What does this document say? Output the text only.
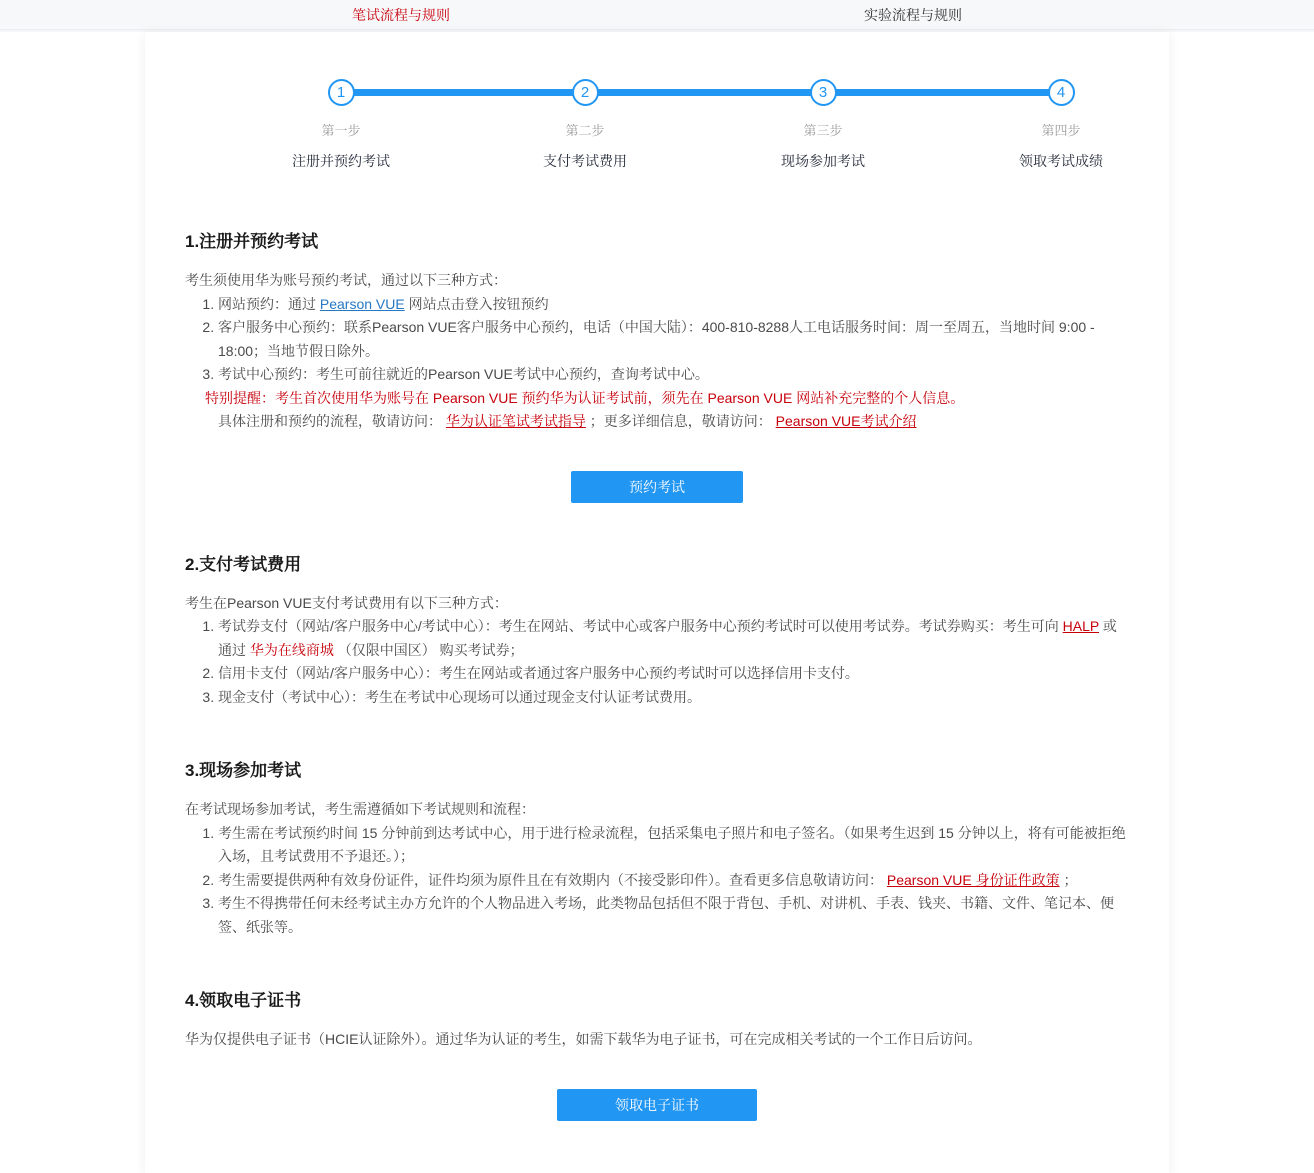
笔试流程与规则	实验流程与规则
1
第一步
注册并预约考试
2
第二步
支付考试费用
3
第三步
现场参加考试
4
第四步
领取考试成绩
1.注册并预约考试

考生须使用华为账号预约考试，通过以下三种方式：

1. 网站预约：通过 Pearson VUE 网站点击登入按钮预约
2. 客户服务中心预约：联系Pearson VUE客户服务中心预约，电话（中国大陆）：400-810-8288人工电话服务时间：周一至周五，当地时间 9:00 - 18:00；当地节假日除外。
3. 考试中心预约：考生可前往就近的Pearson VUE考试中心预约，查询考试中心。

特别提醒：考生首次使用华为账号在 Pearson VUE 预约华为认证考试前，须先在 Pearson VUE 网站补充完整的个人信息。

具体注册和预约的流程，敬请访问： 华为认证笔试考试指导 ；更多详细信息，敬请访问： Pearson VUE考试介绍

预约考试
2.支付考试费用

考生在Pearson VUE支付考试费用有以下三种方式：

1. 考试券支付（网站/客户服务中心/考试中心）：考生在网站、考试中心或客户服务中心预约考试时可以使用考试券。考试券购买：考生可向 HALP 或通过 华为在线商城 （仅限中国区） 购买考试券；
2. 信用卡支付（网站/客户服务中心）：考生在网站或者通过客户服务中心预约考试时可以选择信用卡支付。
3. 现金支付（考试中心）：考生在考试中心现场可以通过现金支付认证考试费用。
3.现场参加考试

在考试现场参加考试，考生需遵循如下考试规则和流程：

1. 考生需在考试预约时间 15 分钟前到达考试中心，用于进行检录流程，包括采集电子照片和电子签名。（如果考生迟到 15 分钟以上，将有可能被拒绝入场，且考试费用不予退还。）；
2. 考生需要提供两种有效身份证件，证件均须为原件且在有效期内（不接受影印件）。查看更多信息敬请访问： Pearson VUE 身份证件政策 ；
3. 考生不得携带任何未经考试主办方允许的个人物品进入考场，此类物品包括但不限于背包、手机、对讲机、手表、钱夹、书籍、文件、笔记本、便签、纸张等。
4.领取电子证书

华为仅提供电子证书（HCIE认证除外）。通过华为认证的考生，如需下载华为电子证书，可在完成相关考试的一个工作日后访问。

领取电子证书
